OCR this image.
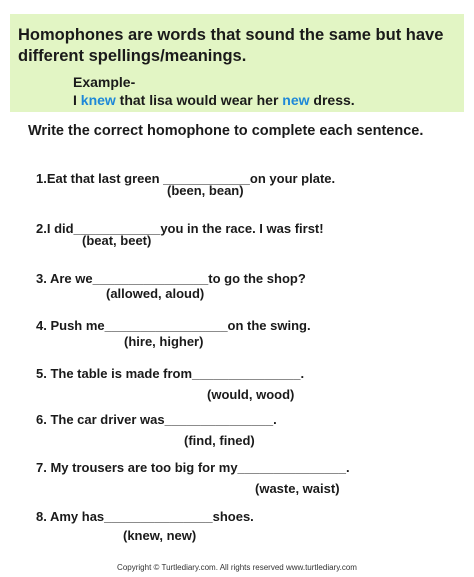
Homophones are words that sound the same but have different spellings/meanings.
Example-
I knew that lisa would wear her new dress.
Write the correct homophone to complete each sentence.
1.Eat that last green ____________on your plate.
(been, bean)
2.I did____________you in the race. I was first!
(beat, beet)
3. Are we________________to go the shop?
(allowed, aloud)
4. Push me_________________on the swing.
(hire, higher)
5. The table is made from_______________.
(would, wood)
6. The car driver was_______________.
(find, fined)
7. My trousers are too big for my_______________.
(waste, waist)
8. Amy has_______________shoes.
(knew, new)
Copyright © Turtlediary.com. All rights reserved www.turtlediary.com
